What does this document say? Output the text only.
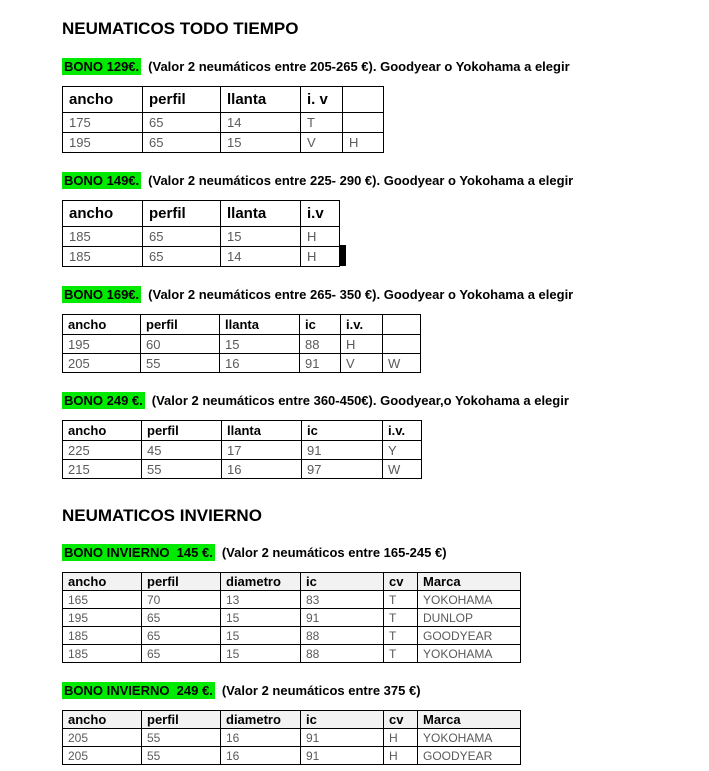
NEUMATICOS TODO TIEMPO

BONO 129€. (Valor 2 neumáticos entre 205-265 €). Goodyear o Yokohama a elegir

ancho	perfil	llanta	i. v	
175	65	14	T	
195	65	15	V	H

BONO 149€. (Valor 2 neumáticos entre 225- 290 €). Goodyear o Yokohama a elegir

ancho	perfil	llanta	i.v
185	65	15	H
185	65	14	H

BONO 169€. (Valor 2 neumáticos entre 265- 350 €). Goodyear o Yokohama a elegir

ancho	perfil	llanta	ic	i.v.	
195	60	15	88	H	
205	55	16	91	V	W

BONO 249 €. (Valor 2 neumáticos entre 360-450€). Goodyear,o Yokohama a elegir

ancho	perfil	llanta	ic	i.v.
225	45	17	91	Y
215	55	16	97	W
NEUMATICOS INVIERNO

BONO INVIERNO  145 €. (Valor 2 neumáticos entre 165-245 €)

ancho	perfil	diametro	ic	cv	Marca
165	70	13	83	T	YOKOHAMA
195	65	15	91	T	DUNLOP
185	65	15	88	T	GOODYEAR
185	65	15	88	T	YOKOHAMA

BONO INVIERNO  249 €. (Valor 2 neumáticos entre 375 €)

ancho	perfil	diametro	ic	cv	Marca
205	55	16	91	H	YOKOHAMA
205	55	16	91	H	GOODYEAR
